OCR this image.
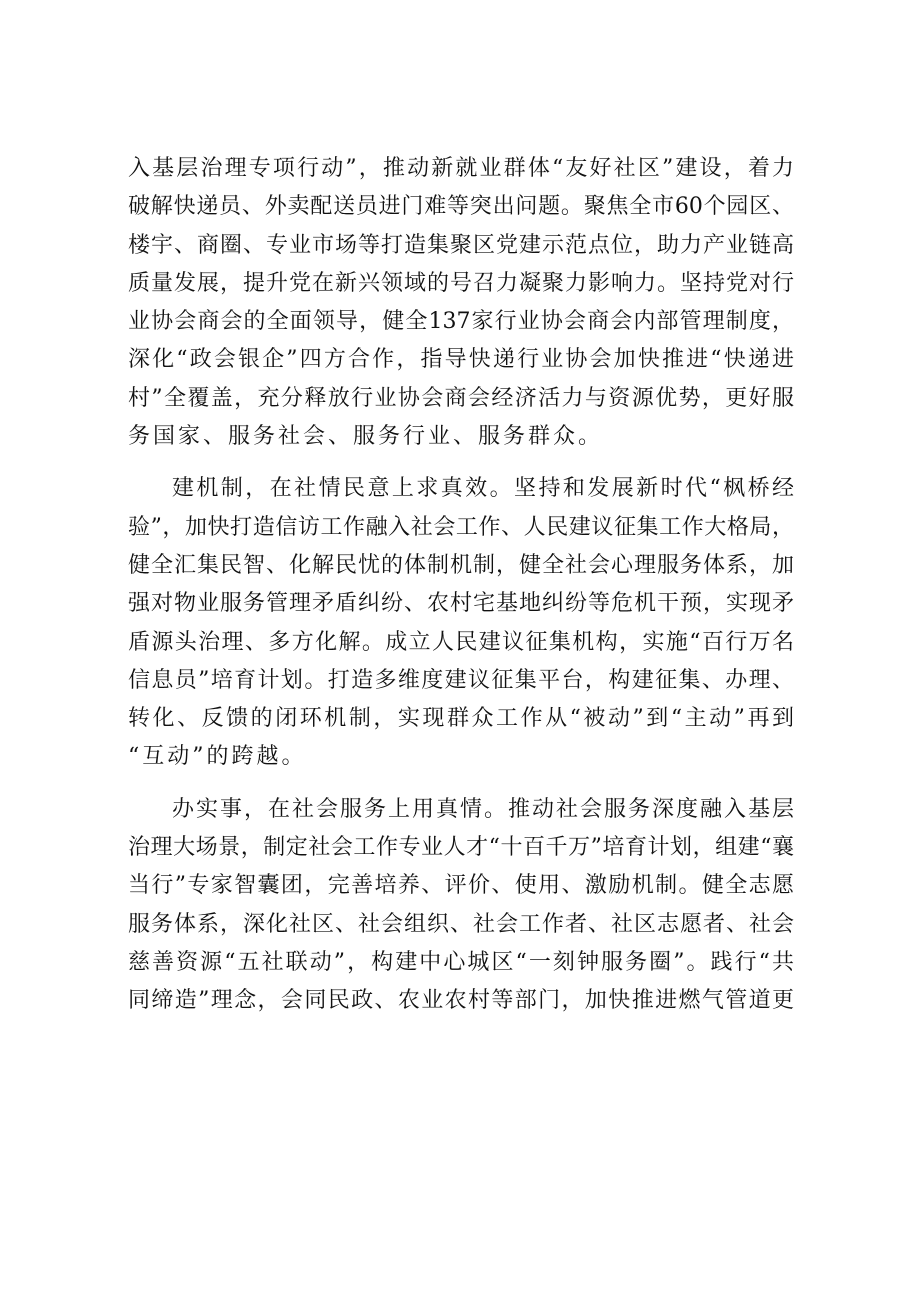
入基层治理专项行动”，推动新就业群体“友好社区”建设，着力
破解快递员、外卖配送员进门难等突出问题。聚焦全市60个园区、
楼宇、商圈、专业市场等打造集聚区党建示范点位，助力产业链高
质量发展，提升党在新兴领域的号召力凝聚力影响力。坚持党对行
业协会商会的全面领导，健全137家行业协会商会内部管理制度，
深化“政会银企”四方合作，指导快递行业协会加快推进“快递进
村”全覆盖，充分释放行业协会商会经济活力与资源优势，更好服
务国家、服务社会、服务行业、服务群众。
建机制，在社情民意上求真效。坚持和发展新时代“枫桥经
验”，加快打造信访工作融入社会工作、人民建议征集工作大格局，
健全汇集民智、化解民忧的体制机制，健全社会心理服务体系，加
强对物业服务管理矛盾纠纷、农村宅基地纠纷等危机干预，实现矛
盾源头治理、多方化解。成立人民建议征集机构，实施“百行万名
信息员”培育计划。打造多维度建议征集平台，构建征集、办理、
转化、反馈的闭环机制，实现群众工作从“被动”到“主动”再到
“互动”的跨越。
办实事，在社会服务上用真情。推动社会服务深度融入基层
治理大场景，制定社会工作专业人才“十百千万”培育计划，组建“襄
当行”专家智囊团，完善培养、评价、使用、激励机制。健全志愿
服务体系，深化社区、社会组织、社会工作者、社区志愿者、社会
慈善资源“五社联动”，构建中心城区“一刻钟服务圈”。践行“共
同缔造”理念，会同民政、农业农村等部门，加快推进燃气管道更
